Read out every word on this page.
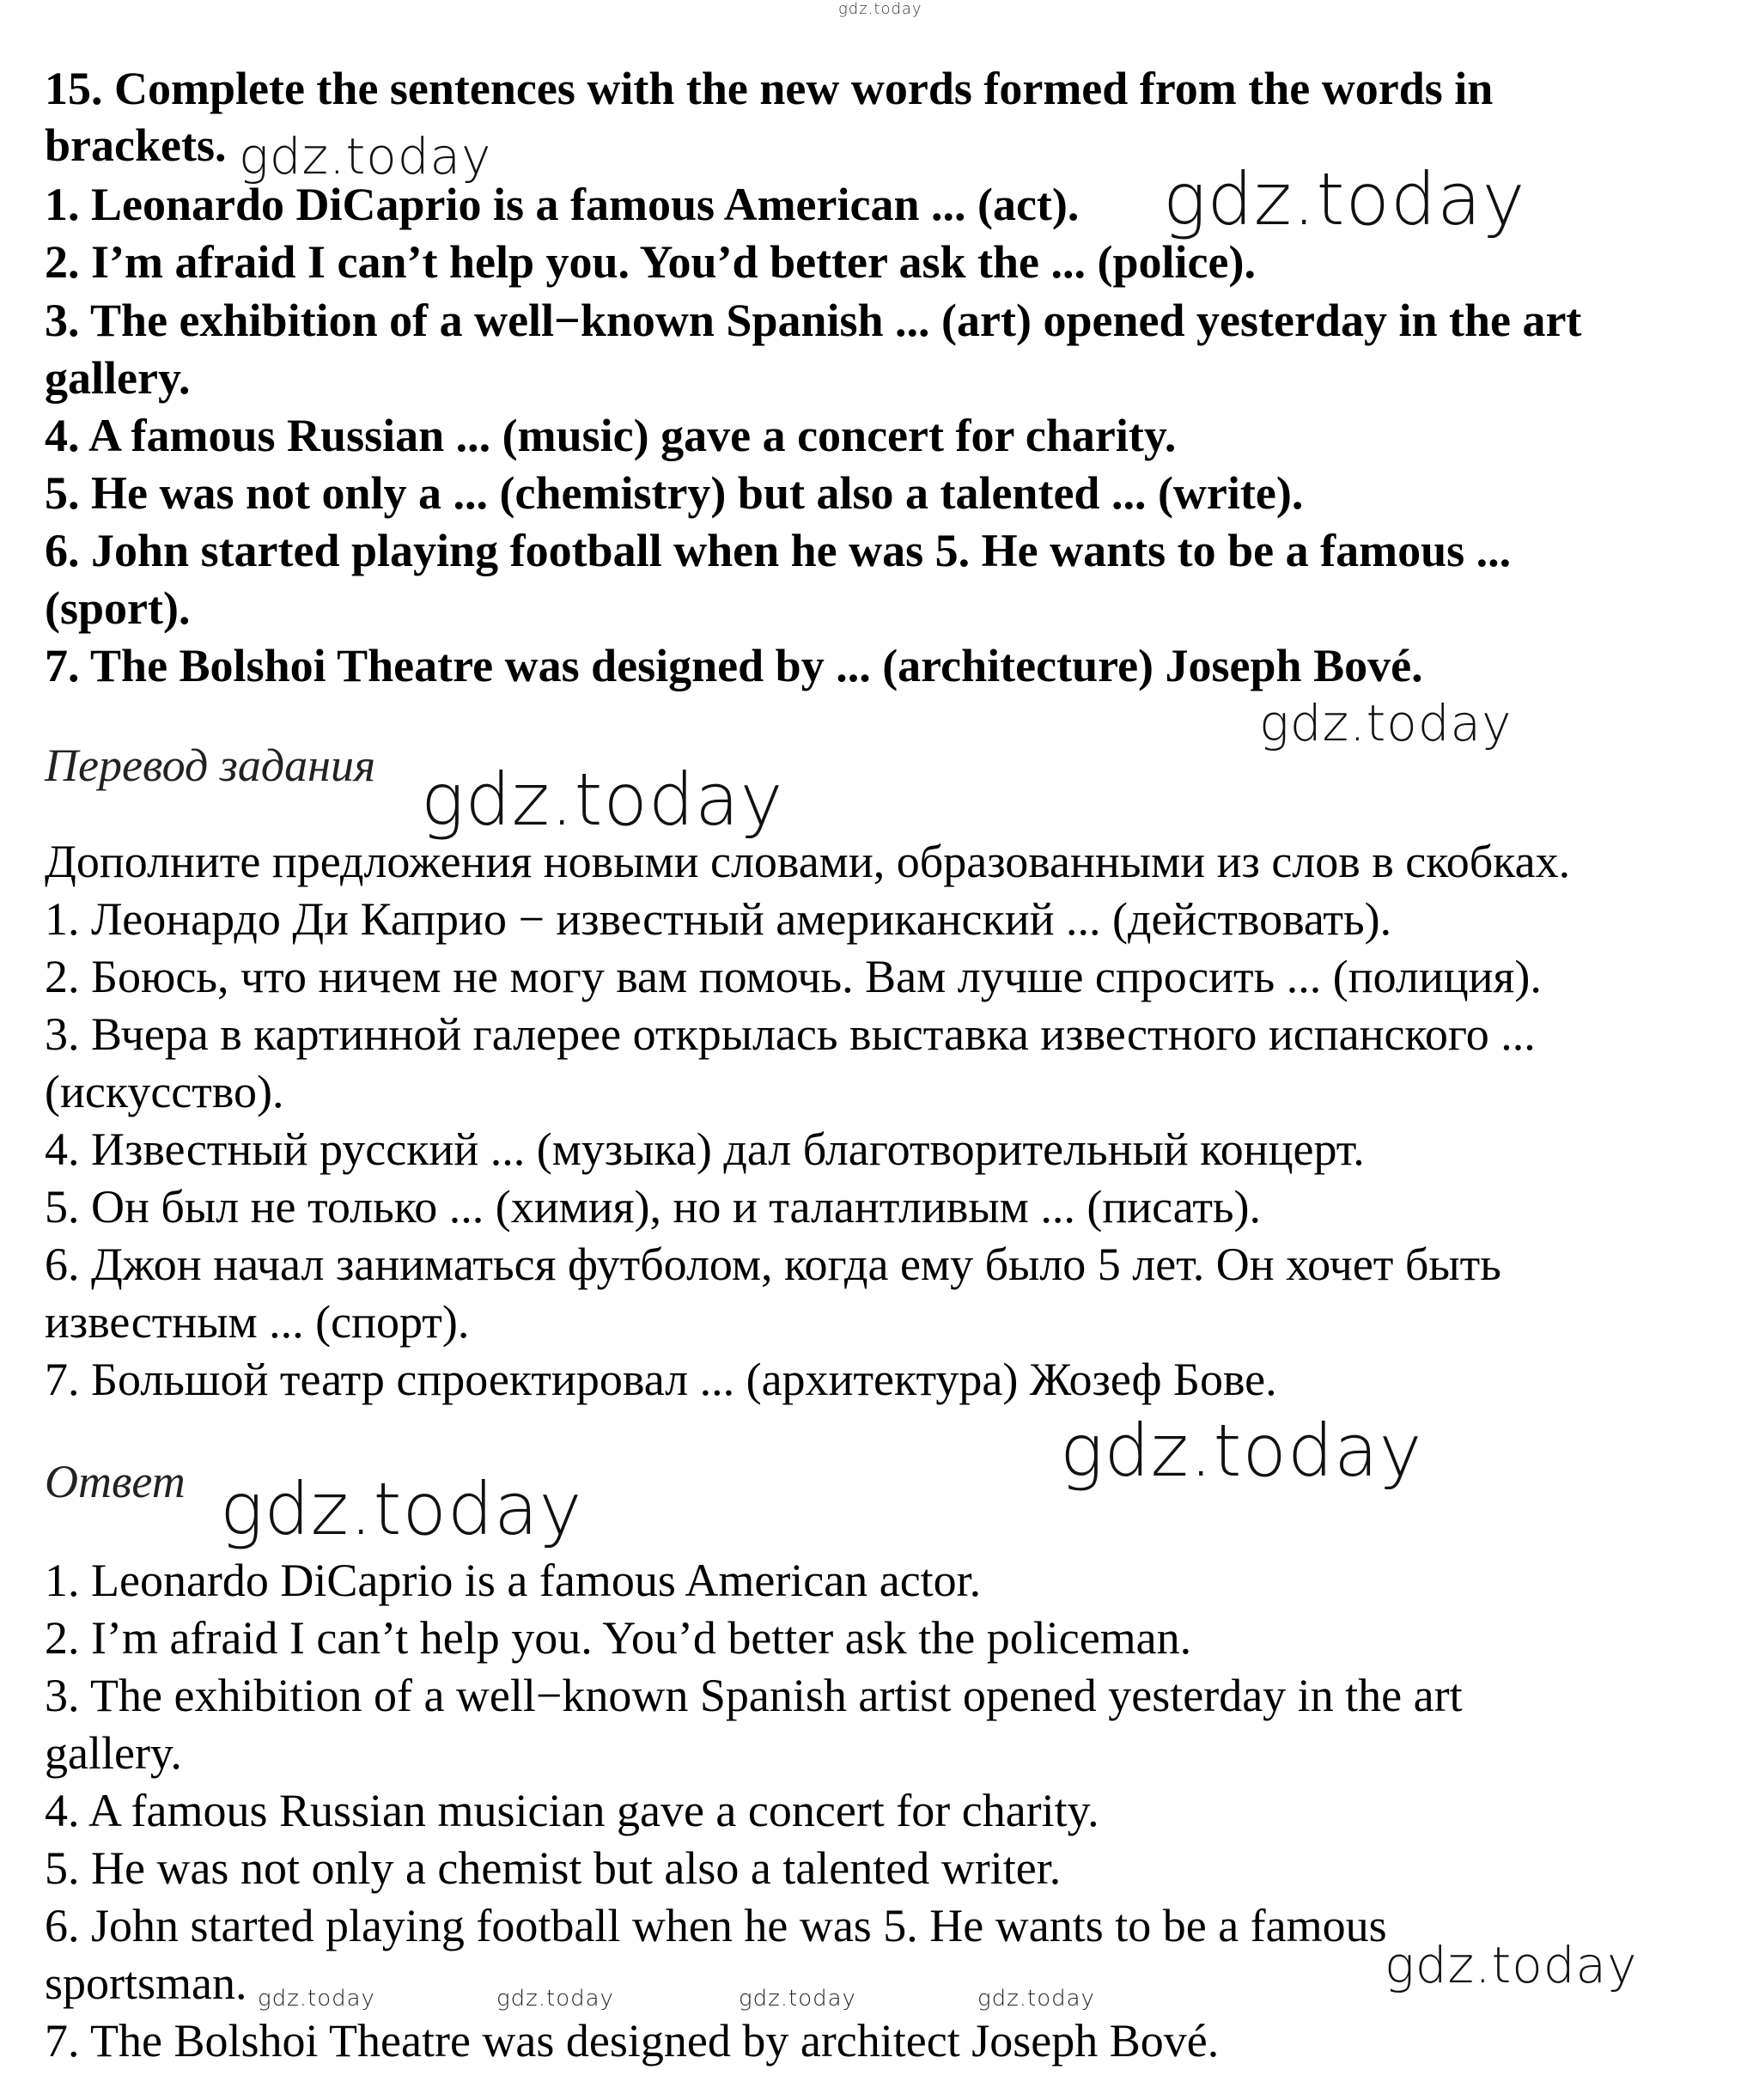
gdz.today
gdz.today
gdz.today
gdz.today
gdz.today
gdz.today
gdz.today
gdz.today
gdz.today	gdz.today	gdz.today	gdz.today
15. Complete the sentences with the new words formed from the words in
brackets.
1. Leonardo DiCaprio is a famous American ... (act).
2. I’m afraid I can’t help you. You’d better ask the ... (police).
3. The exhibition of a well−known Spanish ... (art) opened yesterday in the art
gallery.
4. A famous Russian ... (music) gave a concert for charity.
5. He was not only a ... (chemistry) but also a talented ... (write).
6. John started playing football when he was 5. He wants to be a famous ...
(sport).
7. The Bolshoi Theatre was designed by ... (architecture) Joseph Bové.
Перевод задания
Дополните предложения новыми словами, образованными из слов в скобках.
1. Леонардо Ди Каприо − известный американский ... (действовать).
2. Боюсь, что ничем не могу вам помочь. Вам лучше спросить ... (полиция).
3. Вчера в картинной галерее открылась выставка известного испанского ...
(искусство).
4. Известный русский ... (музыка) дал благотворительный концерт.
5. Он был не только ... (химия), но и талантливым ... (писать).
6. Джон начал заниматься футболом, когда ему было 5 лет. Он хочет быть
известным ... (спорт).
7. Большой театр спроектировал ... (архитектура) Жозеф Бове.
Ответ
1. Leonardo DiCaprio is a famous American actor.
2. I’m afraid I can’t help you. You’d better ask the policeman.
3. The exhibition of a well−known Spanish artist opened yesterday in the art
gallery.
4. A famous Russian musician gave a concert for charity.
5. He was not only a chemist but also a talented writer.
6. John started playing football when he was 5. He wants to be a famous
sportsman.
7. The Bolshoi Theatre was designed by architect Joseph Bové.
